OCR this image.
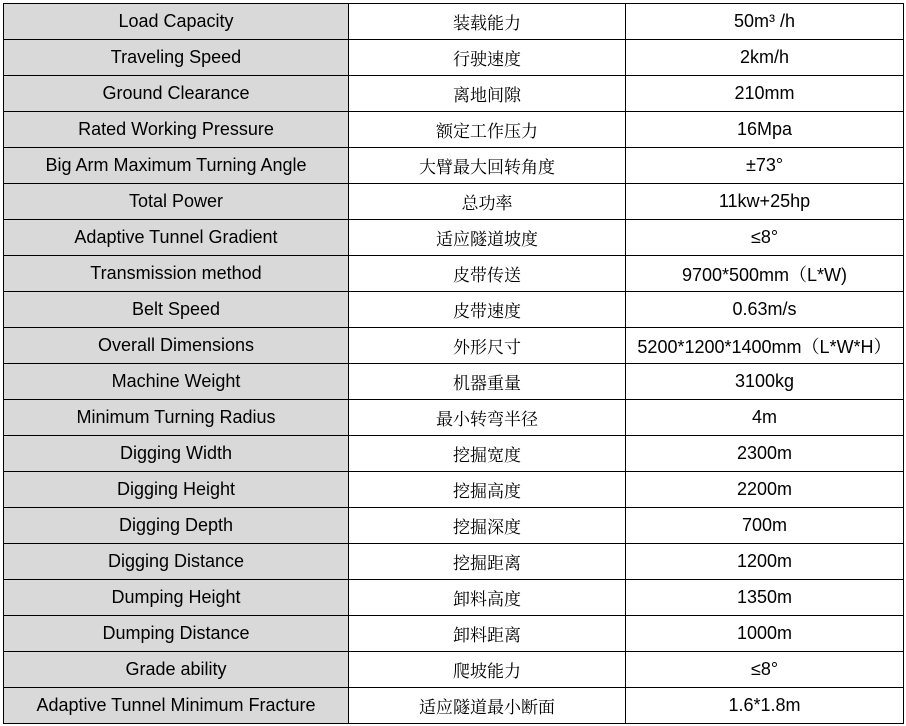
Load Capacity	装载能力	50m³ /h
Traveling Speed	行驶速度	2km/h
Ground Clearance	离地间隙	210mm
Rated Working Pressure	额定工作压力	16Mpa
Big Arm Maximum Turning Angle	大臂最大回转角度	±73°
Total Power	总功率	11kw+25hp
Adaptive Tunnel Gradient	适应隧道坡度	≤8°
Transmission method	皮带传送	9700*500mm（L*W)
Belt Speed	皮带速度	0.63m/s
Overall Dimensions	外形尺寸	5200*1200*1400mm（L*W*H）
Machine Weight	机器重量	3100kg
Minimum Turning Radius	最小转弯半径	4m
Digging Width	挖掘宽度	2300m
Digging Height	挖掘高度	2200m
Digging Depth	挖掘深度	700m
Digging Distance	挖掘距离	1200m
Dumping Height	卸料高度	1350m
Dumping Distance	卸料距离	1000m
Grade ability	爬坡能力	≤8°
Adaptive Tunnel Minimum Fracture	适应隧道最小断面	1.6*1.8m
